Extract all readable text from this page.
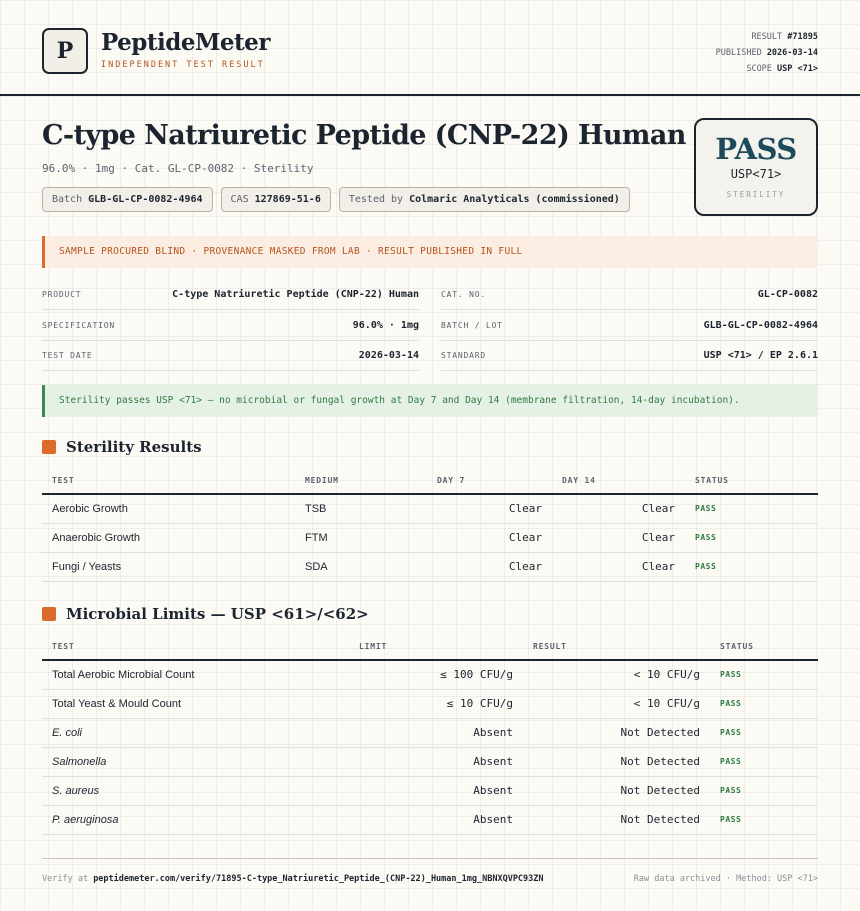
P	PeptideMeter
INDEPENDENT TEST RESULT
RESULT #71895
PUBLISHED 2026-03-14
SCOPE USP <71>
C-type Natriuretic Peptide (CNP-22) Human
96.0% · 1mg · Cat. GL-CP-0082 · Sterility
Batch GLB-GL-CP-0082-4964	CAS 127869-51-6	Tested by Colmaric Analyticals (commissioned)
PASS
USP<71>
STERILITY
SAMPLE PROCURED BLIND · PROVENANCE MASKED FROM LAB · RESULT PUBLISHED IN FULL
PRODUCT	C-type Natriuretic Peptide (CNP-22) Human
SPECIFICATION	96.0% · 1mg
TEST DATE	2026-03-14
CAT. NO.	GL-CP-0082
BATCH / LOT	GLB-GL-CP-0082-4964
STANDARD	USP <71> / EP 2.6.1
Sterility passes USP <71> — no microbial or fungal growth at Day 7 and Day 14 (membrane filtration, 14-day incubation).
Sterility Results
TEST	MEDIUM	DAY 7	DAY 14	STATUS
Aerobic Growth	TSB	Clear	Clear	PASS
Anaerobic Growth	FTM	Clear	Clear	PASS
Fungi / Yeasts	SDA	Clear	Clear	PASS
Microbial Limits — USP <61>/<62>
TEST	LIMIT	RESULT	STATUS
Total Aerobic Microbial Count	≤ 100 CFU/g	< 10 CFU/g	PASS
Total Yeast & Mould Count	≤ 10 CFU/g	< 10 CFU/g	PASS
E. coli	Absent	Not Detected	PASS
Salmonella	Absent	Not Detected	PASS
S. aureus	Absent	Not Detected	PASS
P. aeruginosa	Absent	Not Detected	PASS
Verify at peptidemeter.com/verify/71895-C-type_Natriuretic_Peptide_(CNP-22)_Human_1mg_NBNXQVPC93ZN	Raw data archived · Method: USP <71>
